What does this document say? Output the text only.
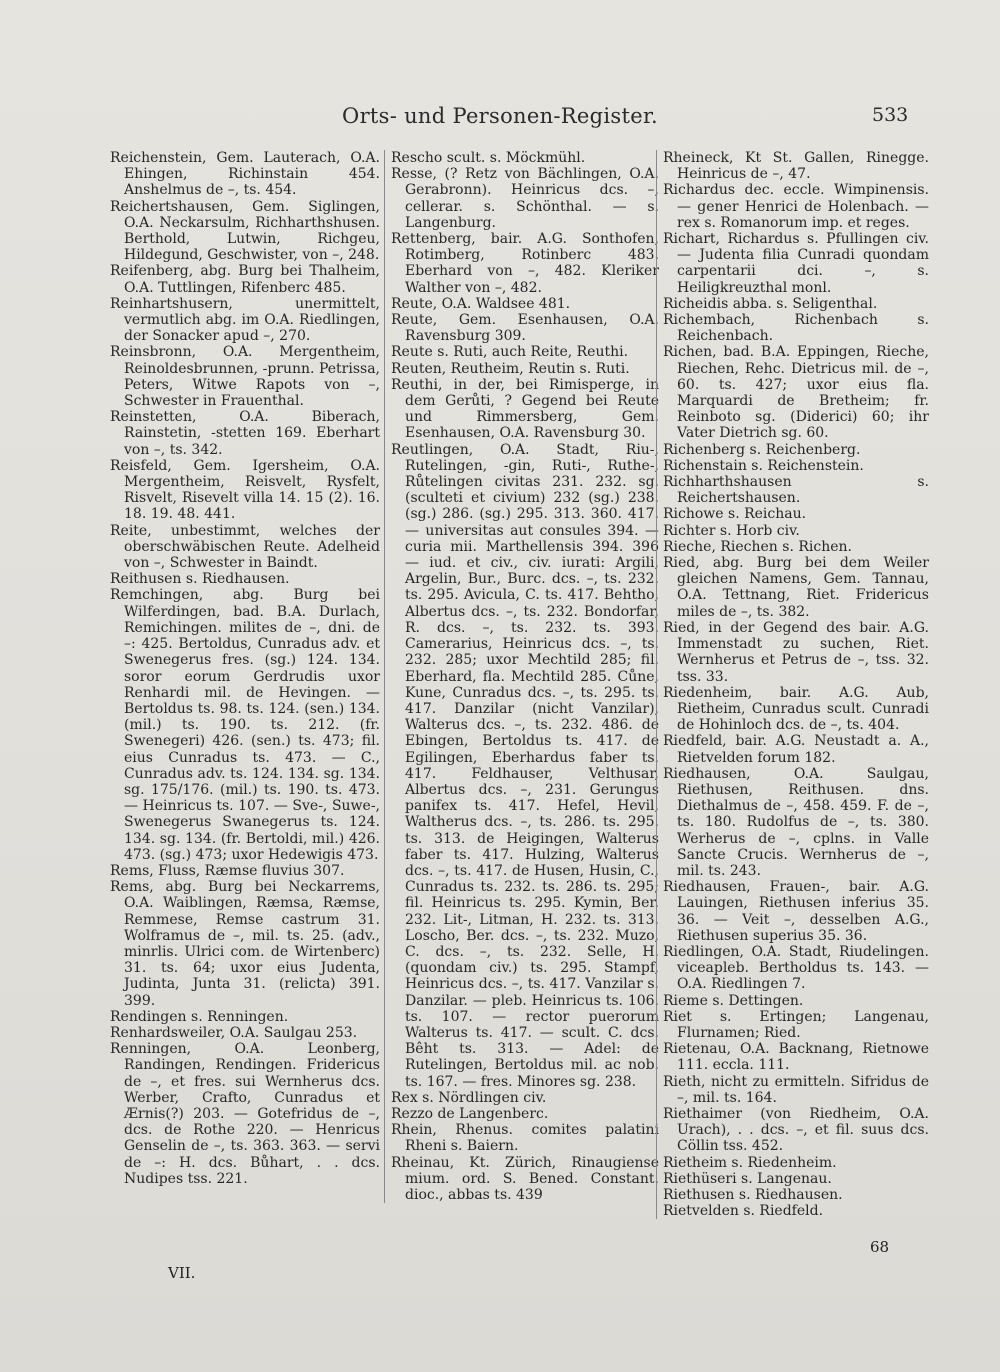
Orts- und Personen-Register.	533

Reichenstein, Gem. Lauterach, O.A. Ehingen, Richinstain 454. Anshelmus de –, ts. 454.

Reichertshausen, Gem. Siglingen, O.A. Neckarsulm, Richharthshusen. Berthold, Lutwin, Richgeu, Hildegund, Geschwister, von –, 248.

Reifenberg, abg. Burg bei Thalheim, O.A. Tuttlingen, Rifenberc 485.

Reinhartshusern, unermittelt, vermutlich abg. im O.A. Riedlingen, der Sonacker apud –, 270.

Reinsbronn, O.A. Mergentheim, Reinoldesbrunnen, -prunn. Petrissa, Peters, Witwe Rapots von –, Schwester in Frauenthal.

Reinstetten, O.A. Biberach, Rainstetin, -stetten 169. Eberhart von –, ts. 342.

Reisfeld, Gem. Igersheim, O.A. Mergentheim, Reisvelt, Rysfelt, Risvelt, Risevelt villa 14. 15 (2). 16. 18. 19. 48. 441.

Reite, unbestimmt, welches der oberschwäbischen Reute. Adelheid von –, Schwester in Baindt.

Reithusen s. Riedhausen.

Remchingen, abg. Burg bei Wilferdingen, bad. B.A. Durlach, Remichingen. milites de –, dni. de –: 425. Bertoldus, Cunradus adv. et Swenegerus fres. (sg.) 124. 134. soror eorum Gerdrudis uxor Renhardi mil. de Hevingen. — Bertoldus ts. 98. ts. 124. (sen.) 134. (mil.) ts. 190. ts. 212. (fr. Swenegeri) 426. (sen.) ts. 473; fil. eius Cunradus ts. 473. — C., Cunradus adv. ts. 124. 134. sg. 134. sg. 175/176. (mil.) ts. 190. ts. 473. — Heinricus ts. 107. — Sve-, Suwe-, Swenegerus Swanegerus ts. 124. 134. sg. 134. (fr. Bertoldi, mil.) 426. 473. (sg.) 473; uxor Hedewigis 473.

Rems, Fluss, Ræmse fluvius 307.

Rems, abg. Burg bei Neckarrems, O.A. Waiblingen, Ræmsa, Ræmse, Remmese, Remse castrum 31. Wolframus de –, mil. ts. 25. (adv., minrlis. Ulrici com. de Wirtenberc) 31. ts. 64; uxor eius Judenta, Judinta, Junta 31. (relicta) 391. 399.

Rendingen s. Renningen.

Renhardsweiler, O.A. Saulgau 253.

Renningen, O.A. Leonberg, Randingen, Rendingen. Fridericus de –, et fres. sui Wernherus dcs. Werber, Crafto, Cunradus et Ærnis(?) 203. — Gotefridus de –, dcs. de Rothe 220. — Henricus Genselin de –, ts. 363. 363. — servi de –: H. dcs. Bůhart, . . dcs. Nudipes tss. 221.

Rescho scult. s. Möckmühl.

Resse, (? Retz von Bächlingen, O.A. Gerabronn). Heinricus dcs. –, cellerar. s. Schönthal. — s. Langenburg.

Rettenberg, bair. A.G. Sonthofen, Rotimberg, Rotinberc 483. Eberhard von –, 482. Kleriker Walther von –, 482.

Reute, O.A. Waldsee 481.

Reute, Gem. Esenhausen, O.A. Ravensburg 309.

Reute s. Ruti, auch Reite, Reuthi.

Reuten, Reutheim, Reutin s. Ruti.

Reuthi, in der, bei Rimisperge, in dem Gerůti, ? Gegend bei Reute und Rimmersberg, Gem. Esenhausen, O.A. Ravensburg 30.

Reutlingen, O.A. Stadt, Riu-, Rutelingen, -gin, Ruti-, Ruthe-, Růtelingen civitas 231. 232. sg. (sculteti et civium) 232 (sg.) 238. (sg.) 286. (sg.) 295. 313. 360. 417. — universitas aut consules 394. — curia mii. Marthellensis 394. 396 — iud. et civ., civ. iurati: Argili, Argelin, Bur., Burc. dcs. –, ts. 232. ts. 295. Avicula, C. ts. 417. Behtho, Albertus dcs. –, ts. 232. Bondorfar, R. dcs. –, ts. 232. ts. 393. Camerarius, Heinricus dcs. –, ts. 232. 285; uxor Mechtild 285; fil. Eberhard, fla. Mechtild 285. Cůne, Kune, Cunradus dcs. –, ts. 295. ts. 417. Danzilar (nicht Vanzilar), Walterus dcs. –, ts. 232. 486. de Ebingen, Bertoldus ts. 417. de Egilingen, Eberhardus faber ts. 417. Feldhauser, Velthusar, Albertus dcs. –, 231. Gerungus panifex ts. 417. Hefel, Hevil, Waltherus dcs. –, ts. 286. ts. 295. ts. 313. de Heigingen, Walterus faber ts. 417. Hulzing, Walterus dcs. –, ts. 417. de Husen, Husin, C., Cunradus ts. 232. ts. 286. ts. 295; fil. Heinricus ts. 295. Kymin, Ber. 232. Lit-, Litman, H. 232. ts. 313. Loscho, Ber. dcs. –, ts. 232. Muzo, C. dcs. –, ts. 232. Selle, H. (quondam civ.) ts. 295. Stampf, Heinricus dcs. –, ts. 417. Vanzilar s. Danzilar. — pleb. Heinricus ts. 106. ts. 107. — rector puerorum Walterus ts. 417. — scult. C. dcs. Bêht ts. 313. — Adel: de Rutelingen, Bertoldus mil. ac nob. ts. 167. — fres. Minores sg. 238.

Rex s. Nördlingen civ.

Rezzo de Langenberc.

Rhein, Rhenus. comites palatini Rheni s. Baiern.

Rheinau, Kt. Zürich, Rinaugiense mium. ord. S. Bened. Constant. dioc., abbas ts. 439

Rheineck, Kt St. Gallen, Rinegge. Heinricus de –, 47.

Richardus dec. eccle. Wimpinensis. — gener Henrici de Holenbach. — rex s. Romanorum imp. et reges.

Richart, Richardus s. Pfullingen civ. — Judenta filia Cunradi quondam carpentarii dci. –, s. Heiligkreuzthal monl.

Richeidis abba. s. Seligenthal.

Richembach, Richenbach s. Reichenbach.

Richen, bad. B.A. Eppingen, Rieche, Riechen, Rehc. Dietricus mil. de –, 60. ts. 427; uxor eius fla. Marquardi de Bretheim; fr. Reinboto sg. (Diderici) 60; ihr Vater Dietrich sg. 60.

Richenberg s. Reichenberg.

Richenstain s. Reichenstein.

Richharthshausen s. Reichertshausen.

Richowe s. Reichau.

Richter s. Horb civ.

Rieche, Riechen s. Richen.

Ried, abg. Burg bei dem Weiler gleichen Namens, Gem. Tannau, O.A. Tettnang, Riet. Fridericus miles de –, ts. 382.

Ried, in der Gegend des bair. A.G. Immenstadt zu suchen, Riet. Wernherus et Petrus de –, tss. 32. tss. 33.

Riedenheim, bair. A.G. Aub, Rietheim, Cunradus scult. Cunradi de Hohinloch dcs. de –, ts. 404.

Riedfeld, bair. A.G. Neustadt a. A., Rietvelden forum 182.

Riedhausen, O.A. Saulgau, Riethusen, Reithusen. dns. Diethalmus de –, 458. 459. F. de –, ts. 180. Rudolfus de –, ts. 380. Werherus de –, cplns. in Valle Sancte Crucis. Wernherus de –, mil. ts. 243.

Riedhausen, Frauen-, bair. A.G. Lauingen, Riethusen inferius 35. 36. — Veit –, desselben A.G., Riethusen superius 35. 36.

Riedlingen, O.A. Stadt, Riudelingen. viceapleb. Bertholdus ts. 143. — O.A. Riedlingen 7.

Rieme s. Dettingen.

Riet s. Ertingen; Langenau, Flurnamen; Ried.

Rietenau, O.A. Backnang, Rietnowe 111. eccla. 111.

Rieth, nicht zu ermitteln. Sifridus de –, mil. ts. 164.

Riethaimer (von Riedheim, O.A. Urach), . . dcs. –, et fil. suus dcs. Cöllin tss. 452.

Rietheim s. Riedenheim.

Riethüseri s. Langenau.

Riethusen s. Riedhausen.

Rietvelden s. Riedfeld.

VII.
68
